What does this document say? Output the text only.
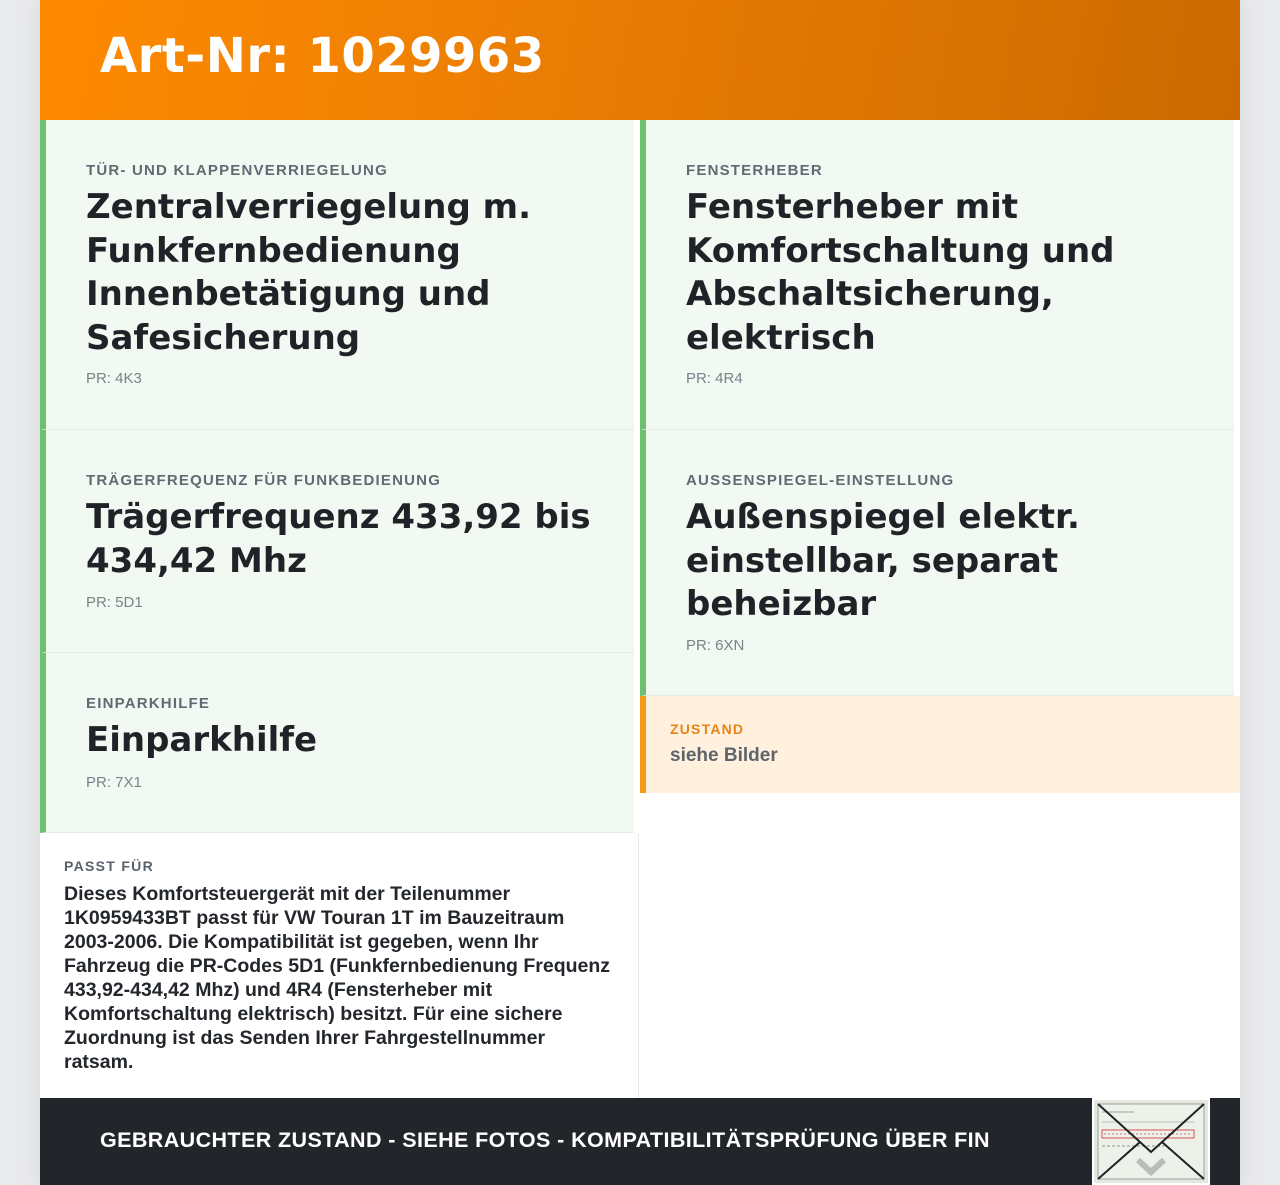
Art-Nr: 1029963
TÜR- UND KLAPPENVERRIEGELUNG
Zentralverriegelung m. Funkfernbedienung Innenbetätigung und Safesicherung
PR: 4K3
FENSTERHEBER
Fensterheber mit Komfortschaltung und Abschaltsicherung, elektrisch
PR: 4R4
TRÄGERFREQUENZ FÜR FUNKBEDIENUNG
Trägerfrequenz 433,92 bis 434,42 Mhz
PR: 5D1
AUSSENSPIEGEL-EINSTELLUNG
Außenspiegel elektr. einstellbar, separat beheizbar
PR: 6XN
EINPARKHILFE
Einparkhilfe
PR: 7X1
ZUSTAND
siehe Bilder
PASST FÜR

Dieses Komfortsteuergerät mit der Teilenummer 1K0959433BT passt für VW Touran 1T im Bauzeitraum 2003-2006. Die Kompatibilität ist gegeben, wenn Ihr Fahrzeug die PR-Codes 5D1 (Funkfernbedienung Frequenz 433,92-434,42 Mhz) und 4R4 (Fensterheber mit Komfortschaltung elektrisch) besitzt. Für eine sichere Zuordnung ist das Senden Ihrer Fahrgestellnummer ratsam.

GEBRAUCHTER ZUSTAND - SIEHE FOTOS - KOMPATIBILITÄTSPRÜFUNG ÜBER FIN
